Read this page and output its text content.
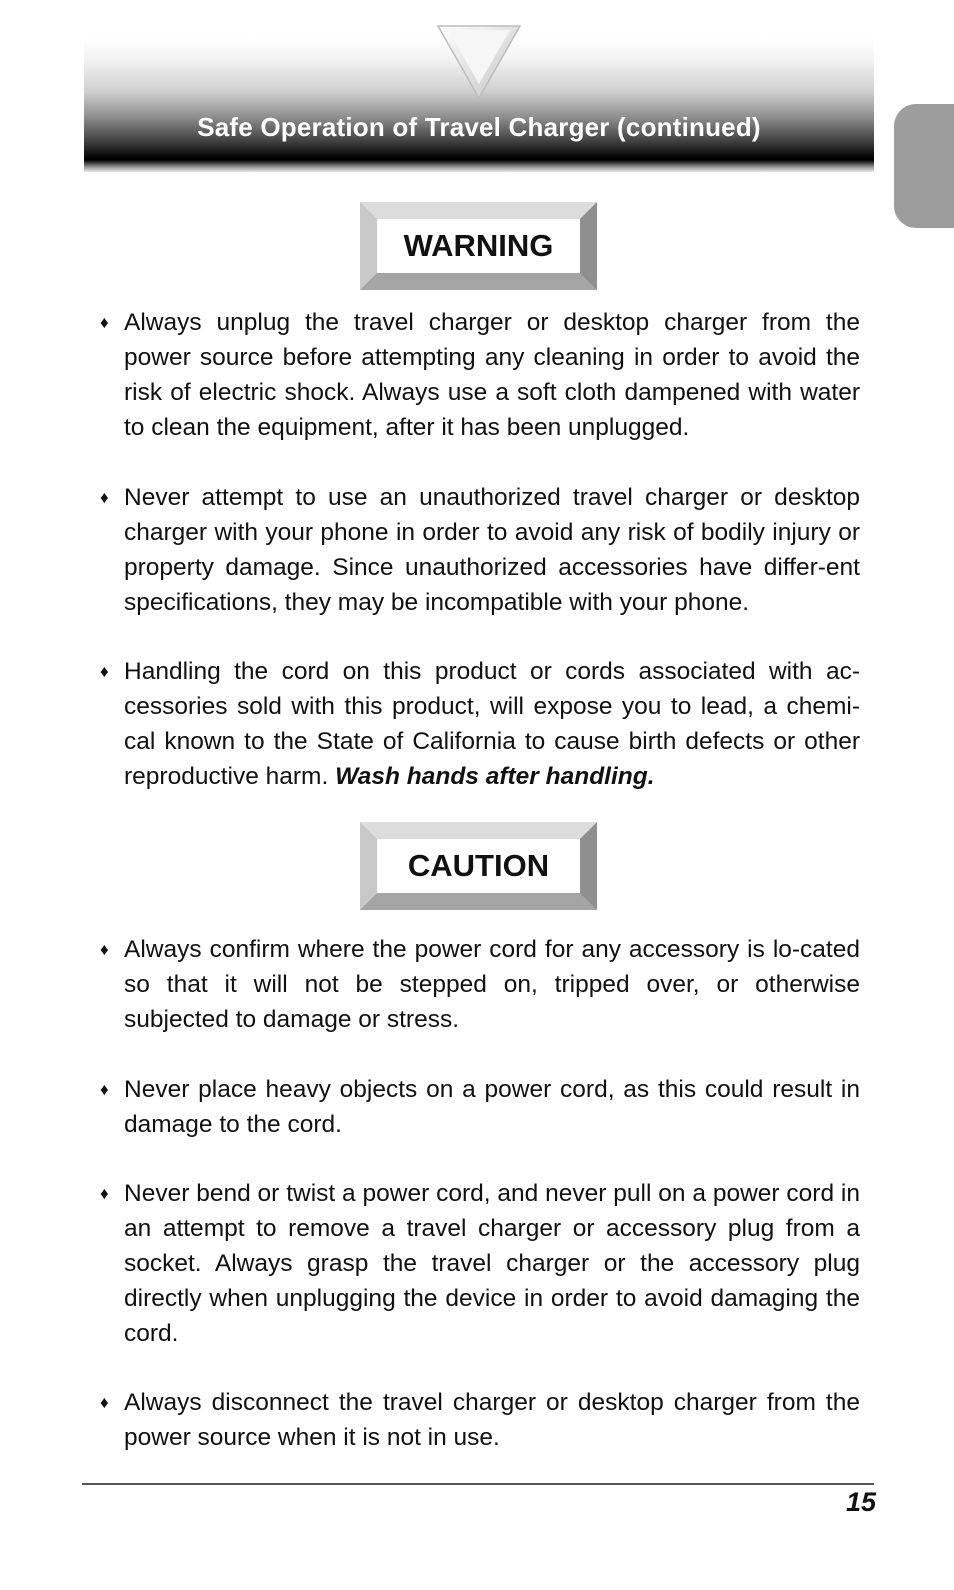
Safe Operation of Travel Charger (continued)
WARNING
♦ Always unplug the travel charger or desktop charger from the power source before attempting any cleaning in order to avoid the risk of electric shock. Always use a soft cloth dampened with water to clean the equipment, after it has been unplugged.
♦ Never attempt to use an unauthorized travel charger or desktop charger with your phone in order to avoid any risk of bodily injury or property damage. Since unauthorized accessories have differ-ent specifications, they may be incompatible with your phone.
♦ Handling the cord on this product or cords associated with ac-cessories sold with this product, will expose you to lead, a chemi-cal known to the State of California to cause birth defects or other reproductive harm. Wash hands after handling.
CAUTION
♦ Always confirm where the power cord for any accessory is lo-cated so that it will not be stepped on, tripped over, or otherwise subjected to damage or stress.
♦ Never place heavy objects on a power cord, as this could result in damage to the cord.
♦ Never bend or twist a power cord, and never pull on a power cord in an attempt to remove a travel charger or accessory plug from a socket. Always grasp the travel charger or the accessory plug directly when unplugging the device in order to avoid damaging the cord.
♦ Always disconnect the travel charger or desktop charger from the power source when it is not in use.
15
